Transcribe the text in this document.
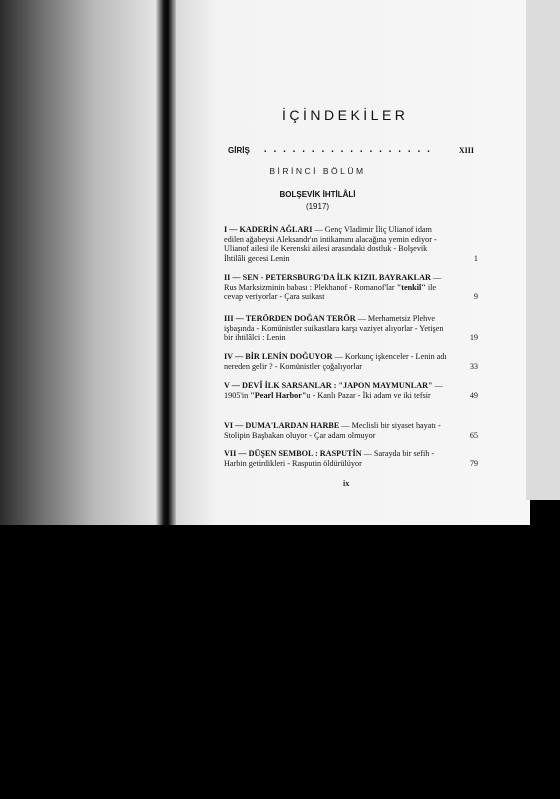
İÇİNDEKİLER
GİRİŞ . . . . . . . . . . . . . . . . . .	XIII
BİRİNCİ BÖLÜM
BOLŞEVİK İHTİLÂLİ
(1917)
I — KADERİN AĞLARI — Genç Vladimir İliç Ulianof idam edilen ağabeysi Aleksandr'ın intikamını alacağına yemin ediyor - Ulianof ailesi ile Kerenski ailesi arasındaki dostluk - Bolşevik İhtilâli gecesi Lenin	1
II — SEN - PETERSBURG'DA İLK KIZIL BAYRAKLAR — Rus Marksizminin babası : Plekhanof - Romanof'lar "tenkil" ile cevap veriyorlar - Çara suikast	9
III — TERÖRDEN DOĞAN TERÖR — Merhametsiz Plehve işbaşında - Komünistler suikastlara karşı vaziyet alıyorlar - Yetişen bir ihtilâlci : Lenin	19
IV — BİR LENİN DOĞUYOR — Korkunç işkenceler - Lenin adı nereden gelir ? - Komünistler çoğalıyorlar	33
V — DEVÎ İLK SARSANLAR : "JAPON MAYMUNLAR" — 1905'in "Pearl Harbor"u - Kanlı Pazar - İki adam ve iki tefsir	49
VI — DUMA'LARDAN HARBE — Meclisli bir siyaset hayatı - Stolipin Başbakan oluyor - Çar adam olmuyor	65
VII — DÜŞEN SEMBOL : RASPUTİN — Sarayda bir sefih -Harbin getirdikleri - Rasputin öldürülüyor	79
ix
